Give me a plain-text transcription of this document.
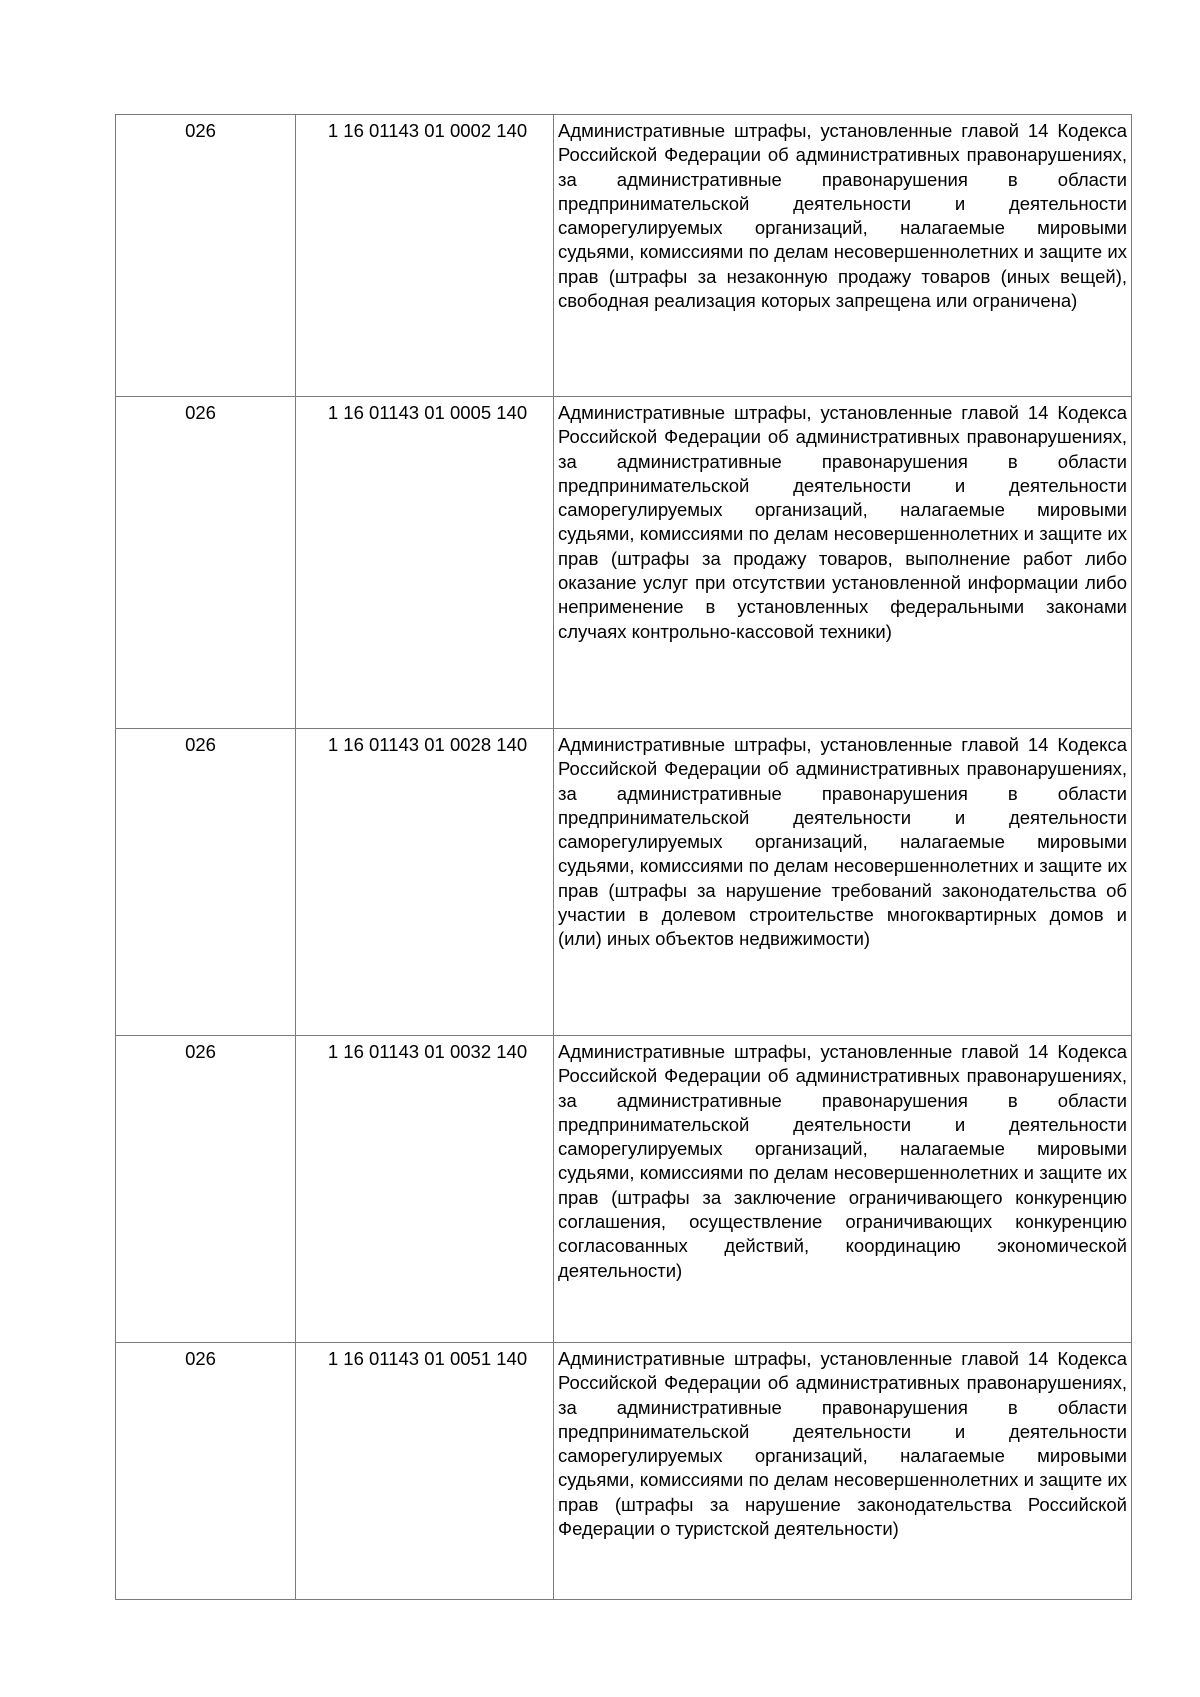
026	1 16 01143 01 0002 140	Административные штрафы, установленные главой 14 Кодекса Российской Федерации об административных правонарушениях, за административные правонарушения в области предпринимательской деятельности и деятельности саморегулируемых организаций, налагаемые мировыми судьями, комиссиями по делам несовершеннолетних и защите их прав (штрафы за незаконную продажу товаров (иных вещей), свободная реализация которых запрещена или ограничена)
026	1 16 01143 01 0005 140	Административные штрафы, установленные главой 14 Кодекса Российской Федерации об административных правонарушениях, за административные правонарушения в области предпринимательской деятельности и деятельности саморегулируемых организаций, налагаемые мировыми судьями, комиссиями по делам несовершеннолетних и защите их прав (штрафы за продажу товаров, выполнение работ либо оказание услуг при отсутствии установленной информации либо неприменение в установленных федеральными законами случаях контрольно-кассовой техники)
026	1 16 01143 01 0028 140	Административные штрафы, установленные главой 14 Кодекса Российской Федерации об административных правонарушениях, за административные правонарушения в области предпринимательской деятельности и деятельности саморегулируемых организаций, налагаемые мировыми судьями, комиссиями по делам несовершеннолетних и защите их прав (штрафы за нарушение требований законодательства об участии в долевом строительстве многоквартирных домов и (или) иных объектов недвижимости)
026	1 16 01143 01 0032 140	Административные штрафы, установленные главой 14 Кодекса Российской Федерации об административных правонарушениях, за административные правонарушения в области предпринимательской деятельности и деятельности саморегулируемых организаций, налагаемые мировыми судьями, комиссиями по делам несовершеннолетних и защите их прав (штрафы за заключение ограничивающего конкуренцию соглашения, осуществление ограничивающих конкуренцию согласованных действий, координацию экономической деятельности)
026	1 16 01143 01 0051 140	Административные штрафы, установленные главой 14 Кодекса Российской Федерации об административных правонарушениях, за административные правонарушения в области предпринимательской деятельности и деятельности саморегулируемых организаций, налагаемые мировыми судьями, комиссиями по делам несовершеннолетних и защите их прав (штрафы за нарушение законодательства Российской Федерации о туристской деятельности)
